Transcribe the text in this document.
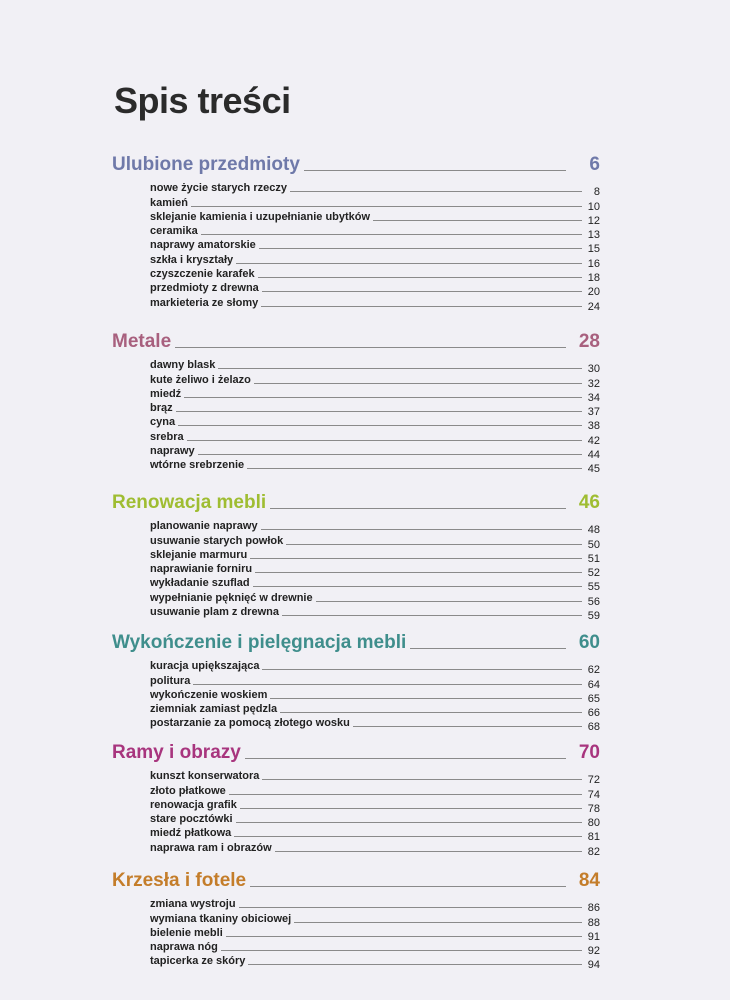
Spis treści
Ulubione przedmioty	6
nowe życie starych rzeczy	8
kamień	10
sklejanie kamienia i uzupełnianie ubytków	12
ceramika	13
naprawy amatorskie	15
szkła i kryształy	16
czyszczenie karafek	18
przedmioty z drewna	20
markieteria ze słomy	24
Metale	28
dawny blask	30
kute żeliwo i żelazo	32
miedź	34
brąz	37
cyna	38
srebra	42
naprawy	44
wtórne srebrzenie	45
Renowacja mebli	46
planowanie naprawy	48
usuwanie starych powłok	50
sklejanie marmuru	51
naprawianie forniru	52
wykładanie szuflad	55
wypełnianie pęknięć w drewnie	56
usuwanie plam z drewna	59
Wykończenie i pielęgnacja mebli	60
kuracja upiększająca	62
politura	64
wykończenie woskiem	65
ziemniak zamiast pędzla	66
postarzanie za pomocą złotego wosku	68
Ramy i obrazy	70
kunszt konserwatora	72
złoto płatkowe	74
renowacja grafik	78
stare pocztówki	80
miedź płatkowa	81
naprawa ram i obrazów	82
Krzesła i fotele	84
zmiana wystroju	86
wymiana tkaniny obiciowej	88
bielenie mebli	91
naprawa nóg	92
tapicerka ze skóry	94
